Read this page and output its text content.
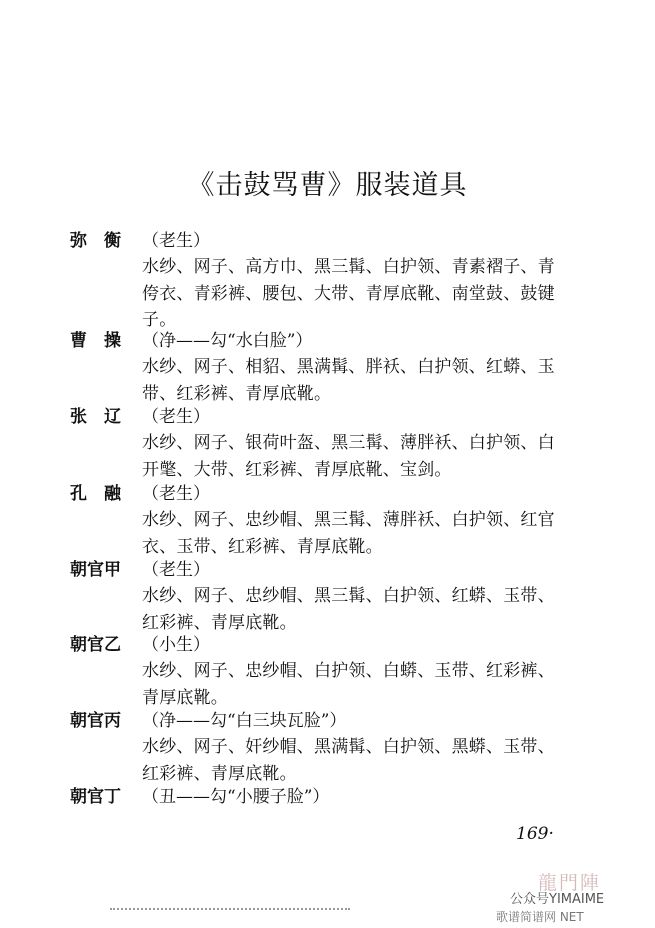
《击鼓骂曹》服装道具
弥　衡	（老生）
水纱、网子、高方巾、黑三髯、白护领、青素褶子、青侉衣、青彩裤、腰包、大带、青厚底靴、南堂鼓、鼓键子。
曹　操	（净——勾“水白脸”）
水纱、网子、相貂、黑满髯、胖袄、白护领、红蟒、玉带、红彩裤、青厚底靴。
张　辽	（老生）
水纱、网子、银荷叶盔、黑三髯、薄胖袄、白护领、白开氅、大带、红彩裤、青厚底靴、宝剑。
孔　融	（老生）
水纱、网子、忠纱帽、黑三髯、薄胖袄、白护领、红官衣、玉带、红彩裤、青厚底靴。
朝官甲	（老生）
水纱、网子、忠纱帽、黑三髯、白护领、红蟒、玉带、红彩裤、青厚底靴。
朝官乙	（小生）
水纱、网子、忠纱帽、白护领、白蟒、玉带、红彩裤、青厚底靴。
朝官丙	（净——勾“白三块瓦脸”）
水纱、网子、奸纱帽、黑满髯、白护领、黑蟒、玉带、红彩裤、青厚底靴。
朝官丁	（丑——勾“小腰子脸”）
169·
龍門陣
公众号YIMAIME
歌谱简谱网 NET
